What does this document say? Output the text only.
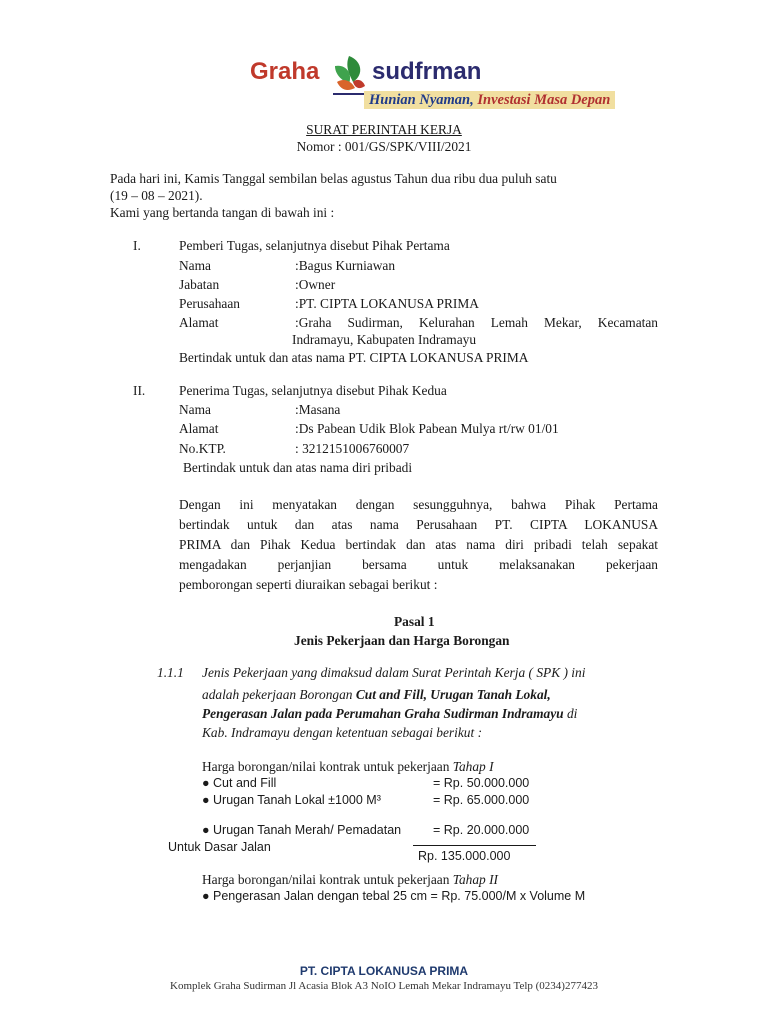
Graha sudfrman
Hunian Nyaman, Investasi Masa Depan
SURAT PERINTAH KERJA
Nomor : 001/GS/SPK/VIII/2021
Pada hari ini, Kamis Tanggal sembilan belas agustus Tahun dua ribu dua puluh satu
(19 – 08 – 2021).
Kami yang bertanda tangan di bawah ini :
I.	Pemberi Tugas, selanjutnya disebut Pihak Pertama
Nama	:Bagus Kurniawan
Jabatan	:Owner
Perusahaan	:PT. CIPTA LOKANUSA PRIMA
Alamat	:Graha Sudirman, Kelurahan Lemah Mekar, Kecamatan
Indramayu, Kabupaten Indramayu
Bertindak untuk dan atas nama PT. CIPTA LOKANUSA PRIMA
II.	Penerima Tugas, selanjutnya disebut Pihak Kedua
Nama	:Masana
Alamat	:Ds Pabean Udik Blok Pabean Mulya rt/rw 01/01
No.KTP.	: 3212151006760007
Bertindak untuk dan atas nama diri pribadi
Dengan ini menyatakan dengan sesungguhnya, bahwa Pihak Pertama
bertindak untuk dan atas nama Perusahaan PT. CIPTA LOKANUSA
PRIMA dan Pihak Kedua bertindak dan atas nama diri pribadi telah sepakat
mengadakan perjanjian bersama untuk melaksanakan pekerjaan
pemborongan seperti diuraikan sebagai berikut :
Pasal 1
Jenis Pekerjaan dan Harga Borongan
1.1.1 Jenis Pekerjaan yang dimaksud dalam Surat Perintah Kerja ( SPK ) ini
adalah pekerjaan Borongan Cut and Fill, Urugan Tanah Lokal,
Pengerasan Jalan pada Perumahan Graha Sudirman Indramayu di
Kab. Indramayu dengan ketentuan sebagai berikut :
Harga borongan/nilai kontrak untuk pekerjaan Tahap I
● Cut and Fill	= Rp. 50.000.000
● Urugan Tanah Lokal ±1000 M³	= Rp. 65.000.000
● Urugan Tanah Merah/ Pemadatan	= Rp. 20.000.000
Untuk Dasar Jalan
Rp. 135.000.000
Harga borongan/nilai kontrak untuk pekerjaan Tahap II
● Pengerasan Jalan dengan tebal 25 cm = Rp. 75.000/M x Volume M
PT. CIPTA LOKANUSA PRIMA
Komplek Graha Sudirman Jl Acasia Blok A3 NoIO Lemah Mekar Indramayu Telp (0234)277423
